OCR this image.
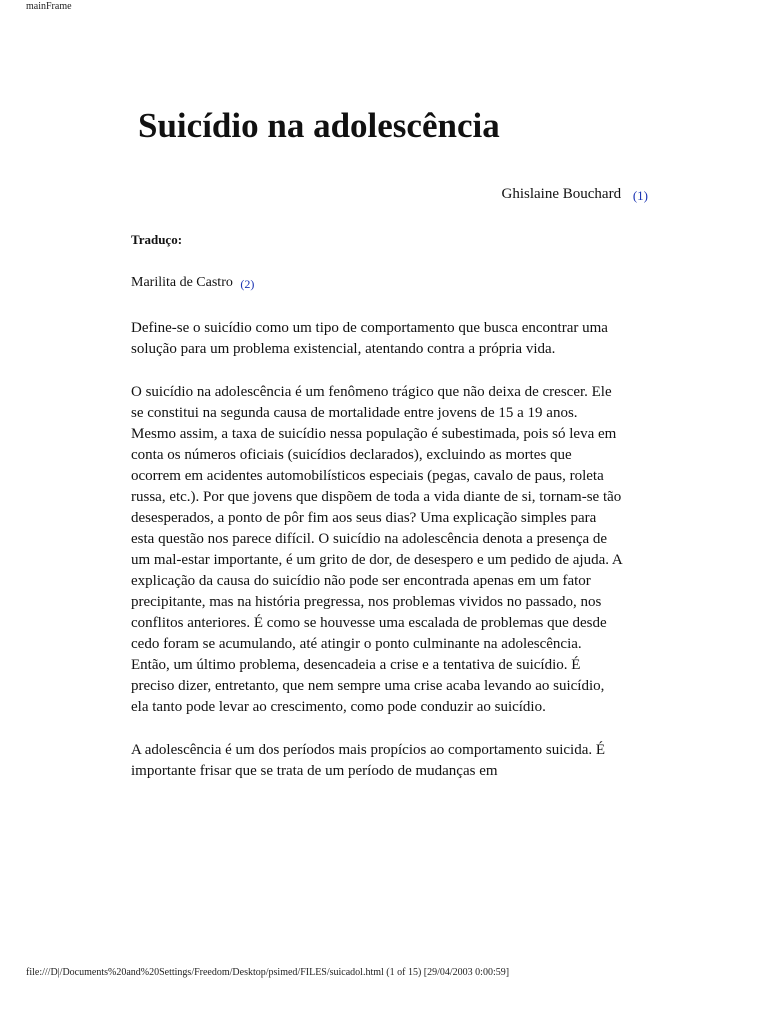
mainFrame
Suicídio na adolescência
Ghislaine Bouchard (1)
Traduço:
Marilita de Castro (2)

Define-se o suicídio como um tipo de comportamento que busca encontrar uma solução para um problema existencial, atentando contra a própria vida.

O suicídio na adolescência é um fenômeno trágico que não deixa de crescer. Ele se constitui na segunda causa de mortalidade entre jovens de 15 a 19 anos. Mesmo assim, a taxa de suicídio nessa população é subestimada, pois só leva em conta os números oficiais (suicídios declarados), excluindo as mortes que ocorrem em acidentes automobilísticos especiais (pegas, cavalo de paus, roleta russa, etc.). Por que jovens que dispõem de toda a vida diante de si, tornam-se tão desesperados, a ponto de pôr fim aos seus dias? Uma explicação simples para esta questão nos parece difícil. O suicídio na adolescência denota a presença de um mal-estar importante, é um grito de dor, de desespero e um pedido de ajuda. A explicação da causa do suicídio não pode ser encontrada apenas em um fator precipitante, mas na história pregressa, nos problemas vividos no passado, nos conflitos anteriores. É como se houvesse uma escalada de problemas que desde cedo foram se acumulando, até atingir o ponto culminante na adolescência. Então, um último problema, desencadeia a crise e a tentativa de suicídio. É preciso dizer, entretanto, que nem sempre uma crise acaba levando ao suicídio, ela tanto pode levar ao crescimento, como pode conduzir ao suicídio.

A adolescência é um dos períodos mais propícios ao comportamento suicida. É importante frisar que se trata de um período de mudanças em

file:///D|/Documents%20and%20Settings/Freedom/Desktop/psimed/FILES/suicadol.html (1 of 15) [29/04/2003 0:00:59]
